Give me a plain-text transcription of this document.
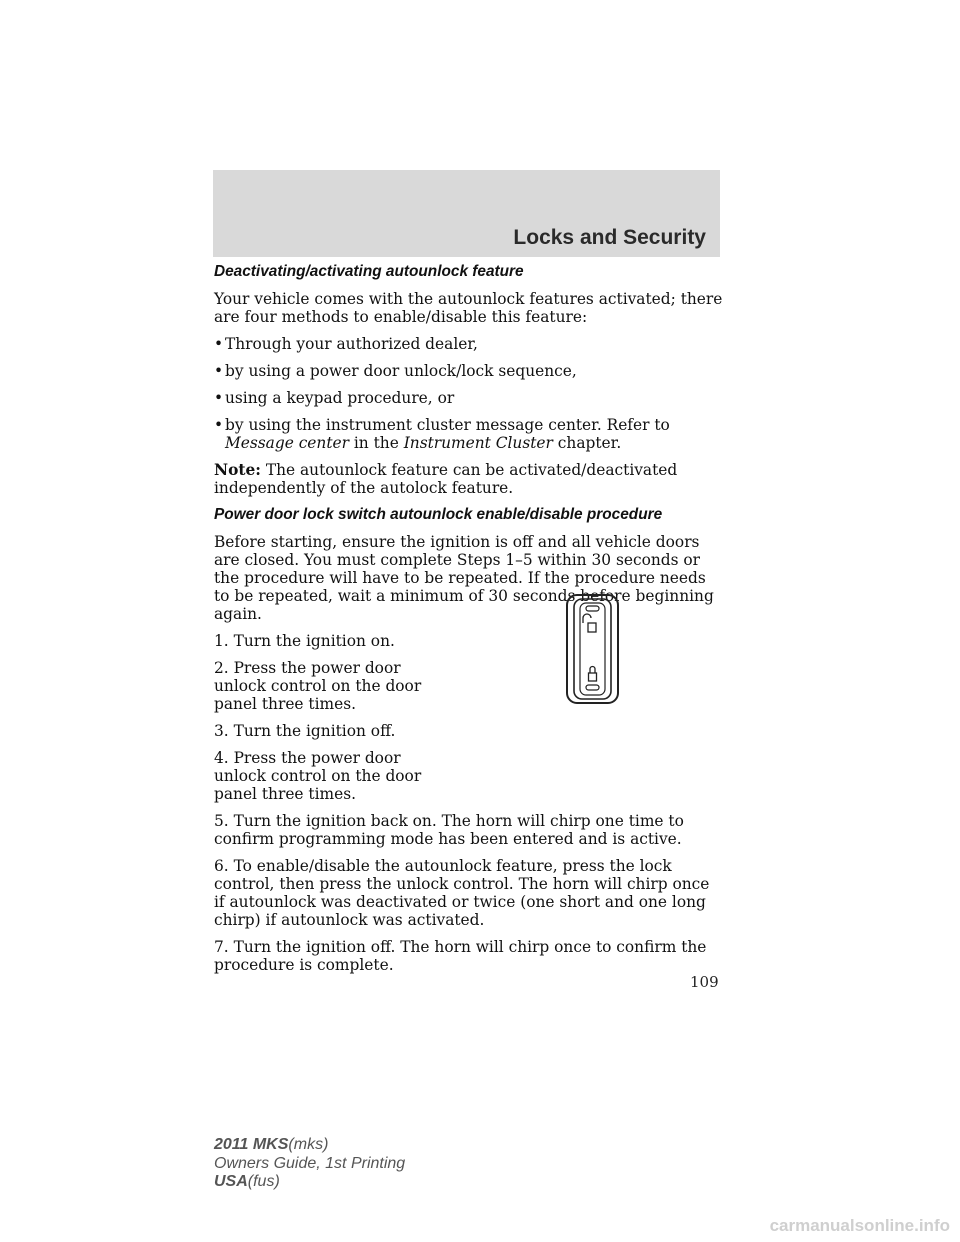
Locks and Security

Deactivating/activating autounlock feature

Your vehicle comes with the autounlock features activated; there are four methods to enable/disable this feature:

• Through your authorized dealer,
• by using a power door unlock/lock sequence,
• using a keypad procedure, or
• by using the instrument cluster message center. Refer to Message center in the Instrument Cluster chapter.

Note: The autounlock feature can be activated/deactivated independently of the autolock feature.

Power door lock switch autounlock enable/disable procedure

Before starting, ensure the ignition is off and all vehicle doors are closed. You must complete Steps 1–5 within 30 seconds or the procedure will have to be repeated. If the procedure needs to be repeated, wait a minimum of 30 seconds before beginning again.

1. Turn the ignition on.

2. Press the power door unlock control on the door panel three times.

3. Turn the ignition off.

4. Press the power door unlock control on the door panel three times.

5. Turn the ignition back on. The horn will chirp one time to confirm programming mode has been entered and is active.

6. To enable/disable the autounlock feature, press the lock control, then press the unlock control. The horn will chirp once if autounlock was deactivated or twice (one short and one long chirp) if autounlock was activated.

7. Turn the ignition off. The horn will chirp once to confirm the procedure is complete.

109
2011 MKS(mks)
Owners Guide, 1st Printing
USA(fus)
carmanualsonline.info
